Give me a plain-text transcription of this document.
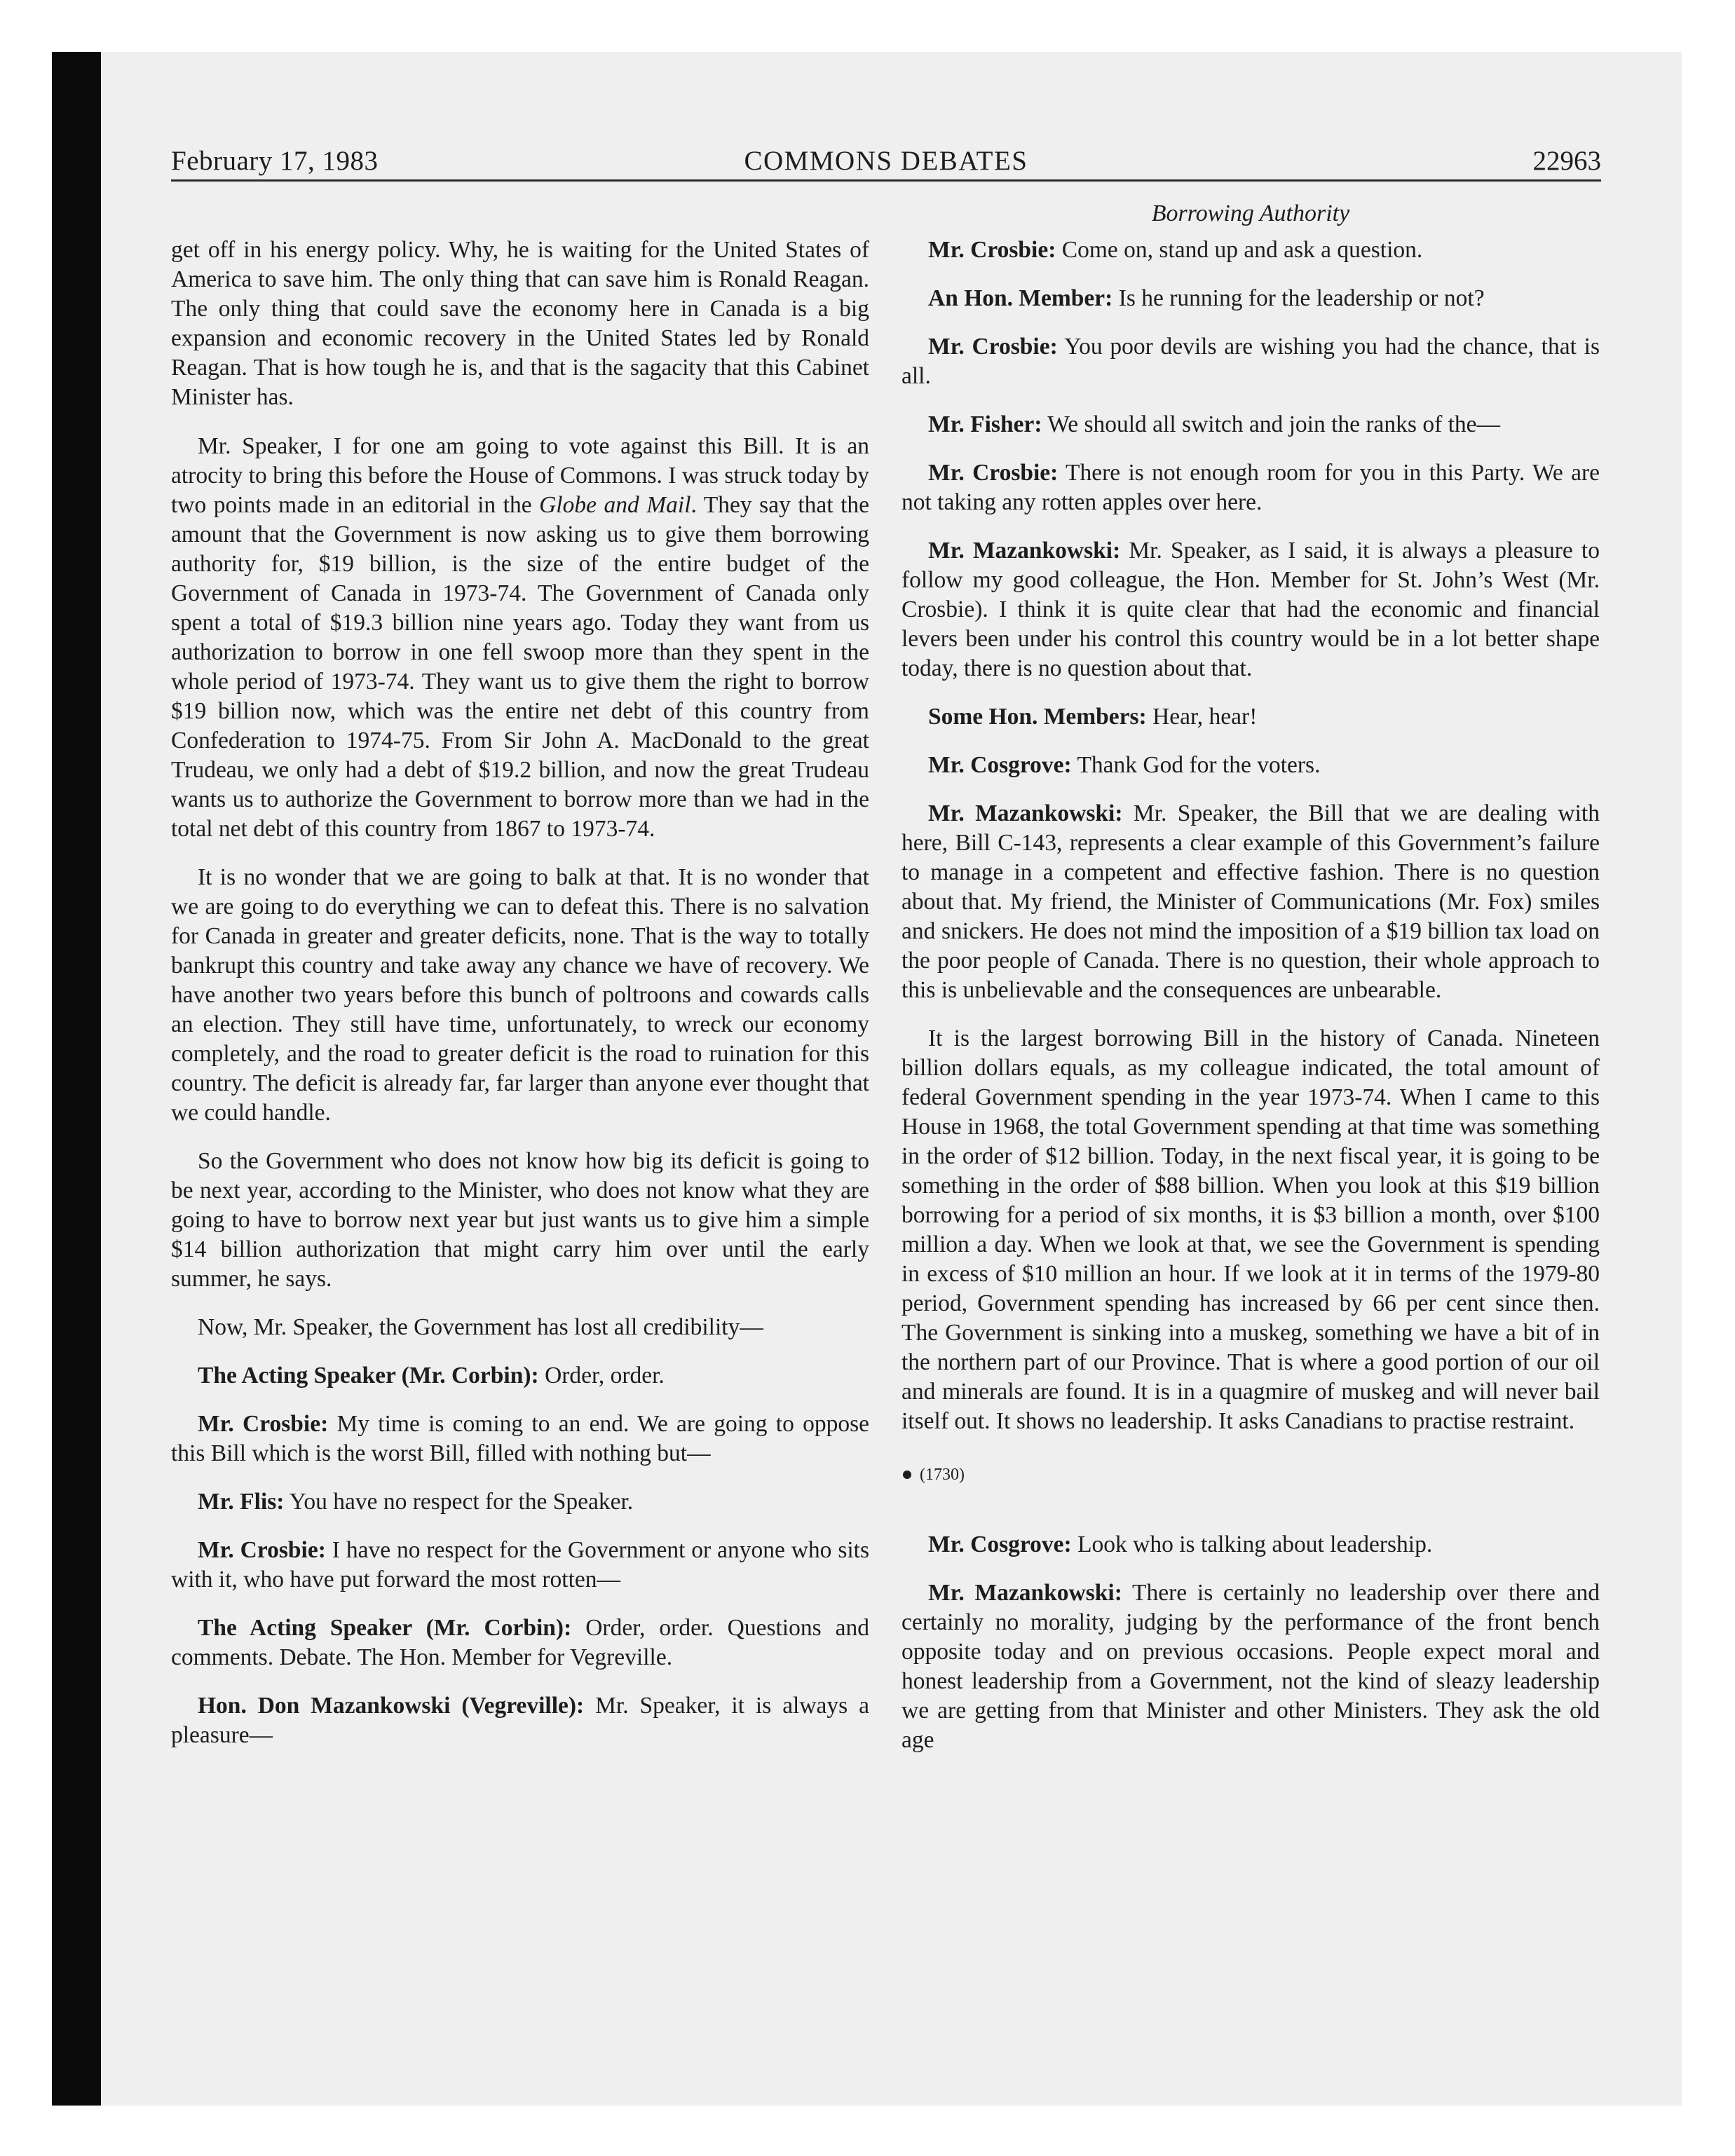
February 17, 1983	COMMONS DEBATES	22963
Borrowing Authority

get off in his energy policy. Why, he is waiting for the United States of America to save him. The only thing that can save him is Ronald Reagan. The only thing that could save the economy here in Canada is a big expansion and economic recovery in the United States led by Ronald Reagan. That is how tough he is, and that is the sagacity that this Cabinet Minister has.

Mr. Speaker, I for one am going to vote against this Bill. It is an atrocity to bring this before the House of Commons. I was struck today by two points made in an editorial in the Globe and Mail. They say that the amount that the Government is now asking us to give them borrowing authority for, $19 billion, is the size of the entire budget of the Government of Canada in 1973-74. The Government of Canada only spent a total of $19.3 billion nine years ago. Today they want from us authorization to borrow in one fell swoop more than they spent in the whole period of 1973-74. They want us to give them the right to borrow $19 billion now, which was the entire net debt of this country from Confederation to 1974-75. From Sir John A. MacDonald to the great Trudeau, we only had a debt of $19.2 billion, and now the great Trudeau wants us to authorize the Government to borrow more than we had in the total net debt of this country from 1867 to 1973-74.

It is no wonder that we are going to balk at that. It is no wonder that we are going to do everything we can to defeat this. There is no salvation for Canada in greater and greater deficits, none. That is the way to totally bankrupt this country and take away any chance we have of recovery. We have another two years before this bunch of poltroons and cowards calls an election. They still have time, unfortunately, to wreck our economy completely, and the road to greater deficit is the road to ruination for this country. The deficit is already far, far larger than anyone ever thought that we could handle.

So the Government who does not know how big its deficit is going to be next year, according to the Minister, who does not know what they are going to have to borrow next year but just wants us to give him a simple $14 billion authorization that might carry him over until the early summer, he says.

Now, Mr. Speaker, the Government has lost all credibility—

The Acting Speaker (Mr. Corbin): Order, order.

Mr. Crosbie: My time is coming to an end. We are going to oppose this Bill which is the worst Bill, filled with nothing but—

Mr. Flis: You have no respect for the Speaker.

Mr. Crosbie: I have no respect for the Government or anyone who sits with it, who have put forward the most rotten—

The Acting Speaker (Mr. Corbin): Order, order. Questions and comments. Debate. The Hon. Member for Vegreville.

Hon. Don Mazankowski (Vegreville): Mr. Speaker, it is always a pleasure—

Mr. Crosbie: Come on, stand up and ask a question.

An Hon. Member: Is he running for the leadership or not?

Mr. Crosbie: You poor devils are wishing you had the chance, that is all.

Mr. Fisher: We should all switch and join the ranks of the—

Mr. Crosbie: There is not enough room for you in this Party. We are not taking any rotten apples over here.

Mr. Mazankowski: Mr. Speaker, as I said, it is always a pleasure to follow my good colleague, the Hon. Member for St. John’s West (Mr. Crosbie). I think it is quite clear that had the economic and financial levers been under his control this country would be in a lot better shape today, there is no question about that.

Some Hon. Members: Hear, hear!

Mr. Cosgrove: Thank God for the voters.

Mr. Mazankowski: Mr. Speaker, the Bill that we are dealing with here, Bill C-143, represents a clear example of this Government’s failure to manage in a competent and effective fashion. There is no question about that. My friend, the Minister of Communications (Mr. Fox) smiles and snickers. He does not mind the imposition of a $19 billion tax load on the poor people of Canada. There is no question, their whole approach to this is unbelievable and the consequences are unbearable.

It is the largest borrowing Bill in the history of Canada. Nineteen billion dollars equals, as my colleague indicated, the total amount of federal Government spending in the year 1973-74. When I came to this House in 1968, the total Government spending at that time was something in the order of $12 billion. Today, in the next fiscal year, it is going to be something in the order of $88 billion. When you look at this $19 billion borrowing for a period of six months, it is $3 billion a month, over $100 million a day. When we look at that, we see the Government is spending in excess of $10 million an hour. If we look at it in terms of the 1979-80 period, Government spending has increased by 66 per cent since then. The Government is sinking into a muskeg, something we have a bit of in the northern part of our Province. That is where a good portion of our oil and minerals are found. It is in a quagmire of muskeg and will never bail itself out. It shows no leadership. It asks Canadians to practise restraint.

(1730)

Mr. Cosgrove: Look who is talking about leadership.

Mr. Mazankowski: There is certainly no leadership over there and certainly no morality, judging by the performance of the front bench opposite today and on previous occasions. People expect moral and honest leadership from a Government, not the kind of sleazy leadership we are getting from that Minister and other Ministers. They ask the old age
